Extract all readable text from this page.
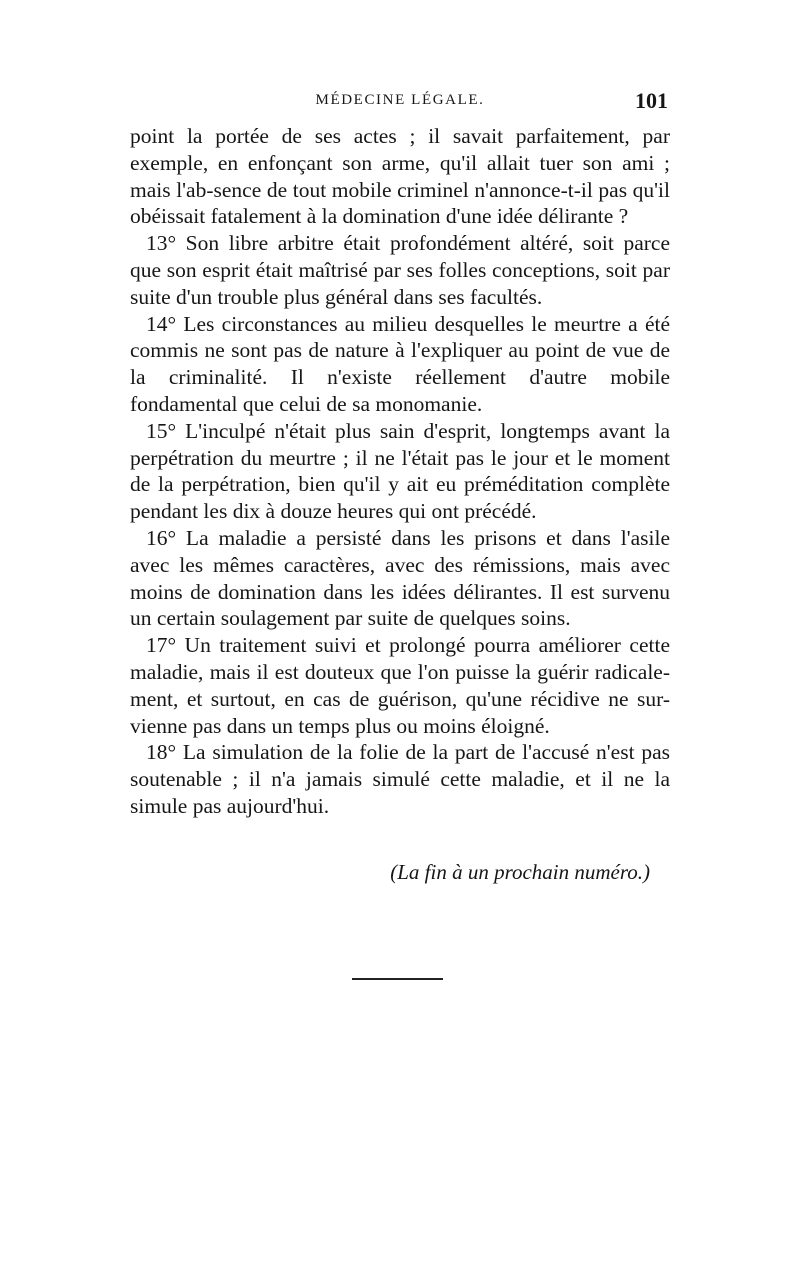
MÉDECINE LÉGALE.	101

point la portée de ses actes ; il savait parfaitement, par exemple, en enfonçant son arme, qu'il allait tuer son ami ; mais l'ab-sence de tout mobile criminel n'annonce-t-il pas qu'il obéissait fatalement à la domination d'une idée délirante ?

13° Son libre arbitre était profondément altéré, soit parce que son esprit était maîtrisé par ses folles conceptions, soit par suite d'un trouble plus général dans ses facultés.

14° Les circonstances au milieu desquelles le meurtre a été commis ne sont pas de nature à l'expliquer au point de vue de la criminalité. Il n'existe réellement d'autre mobile fondamental que celui de sa monomanie.

15° L'inculpé n'était plus sain d'esprit, longtemps avant la perpétration du meurtre ; il ne l'était pas le jour et le moment de la perpétration, bien qu'il y ait eu préméditation complète pendant les dix à douze heures qui ont précédé.

16° La maladie a persisté dans les prisons et dans l'asile avec les mêmes caractères, avec des rémissions, mais avec moins de domination dans les idées délirantes. Il est survenu un certain soulagement par suite de quelques soins.

17° Un traitement suivi et prolongé pourra améliorer cette maladie, mais il est douteux que l'on puisse la guérir radicale-ment, et surtout, en cas de guérison, qu'une récidive ne sur-vienne pas dans un temps plus ou moins éloigné.

18° La simulation de la folie de la part de l'accusé n'est pas soutenable ; il n'a jamais simulé cette maladie, et il ne la simule pas aujourd'hui.

(La fin à un prochain numéro.)
